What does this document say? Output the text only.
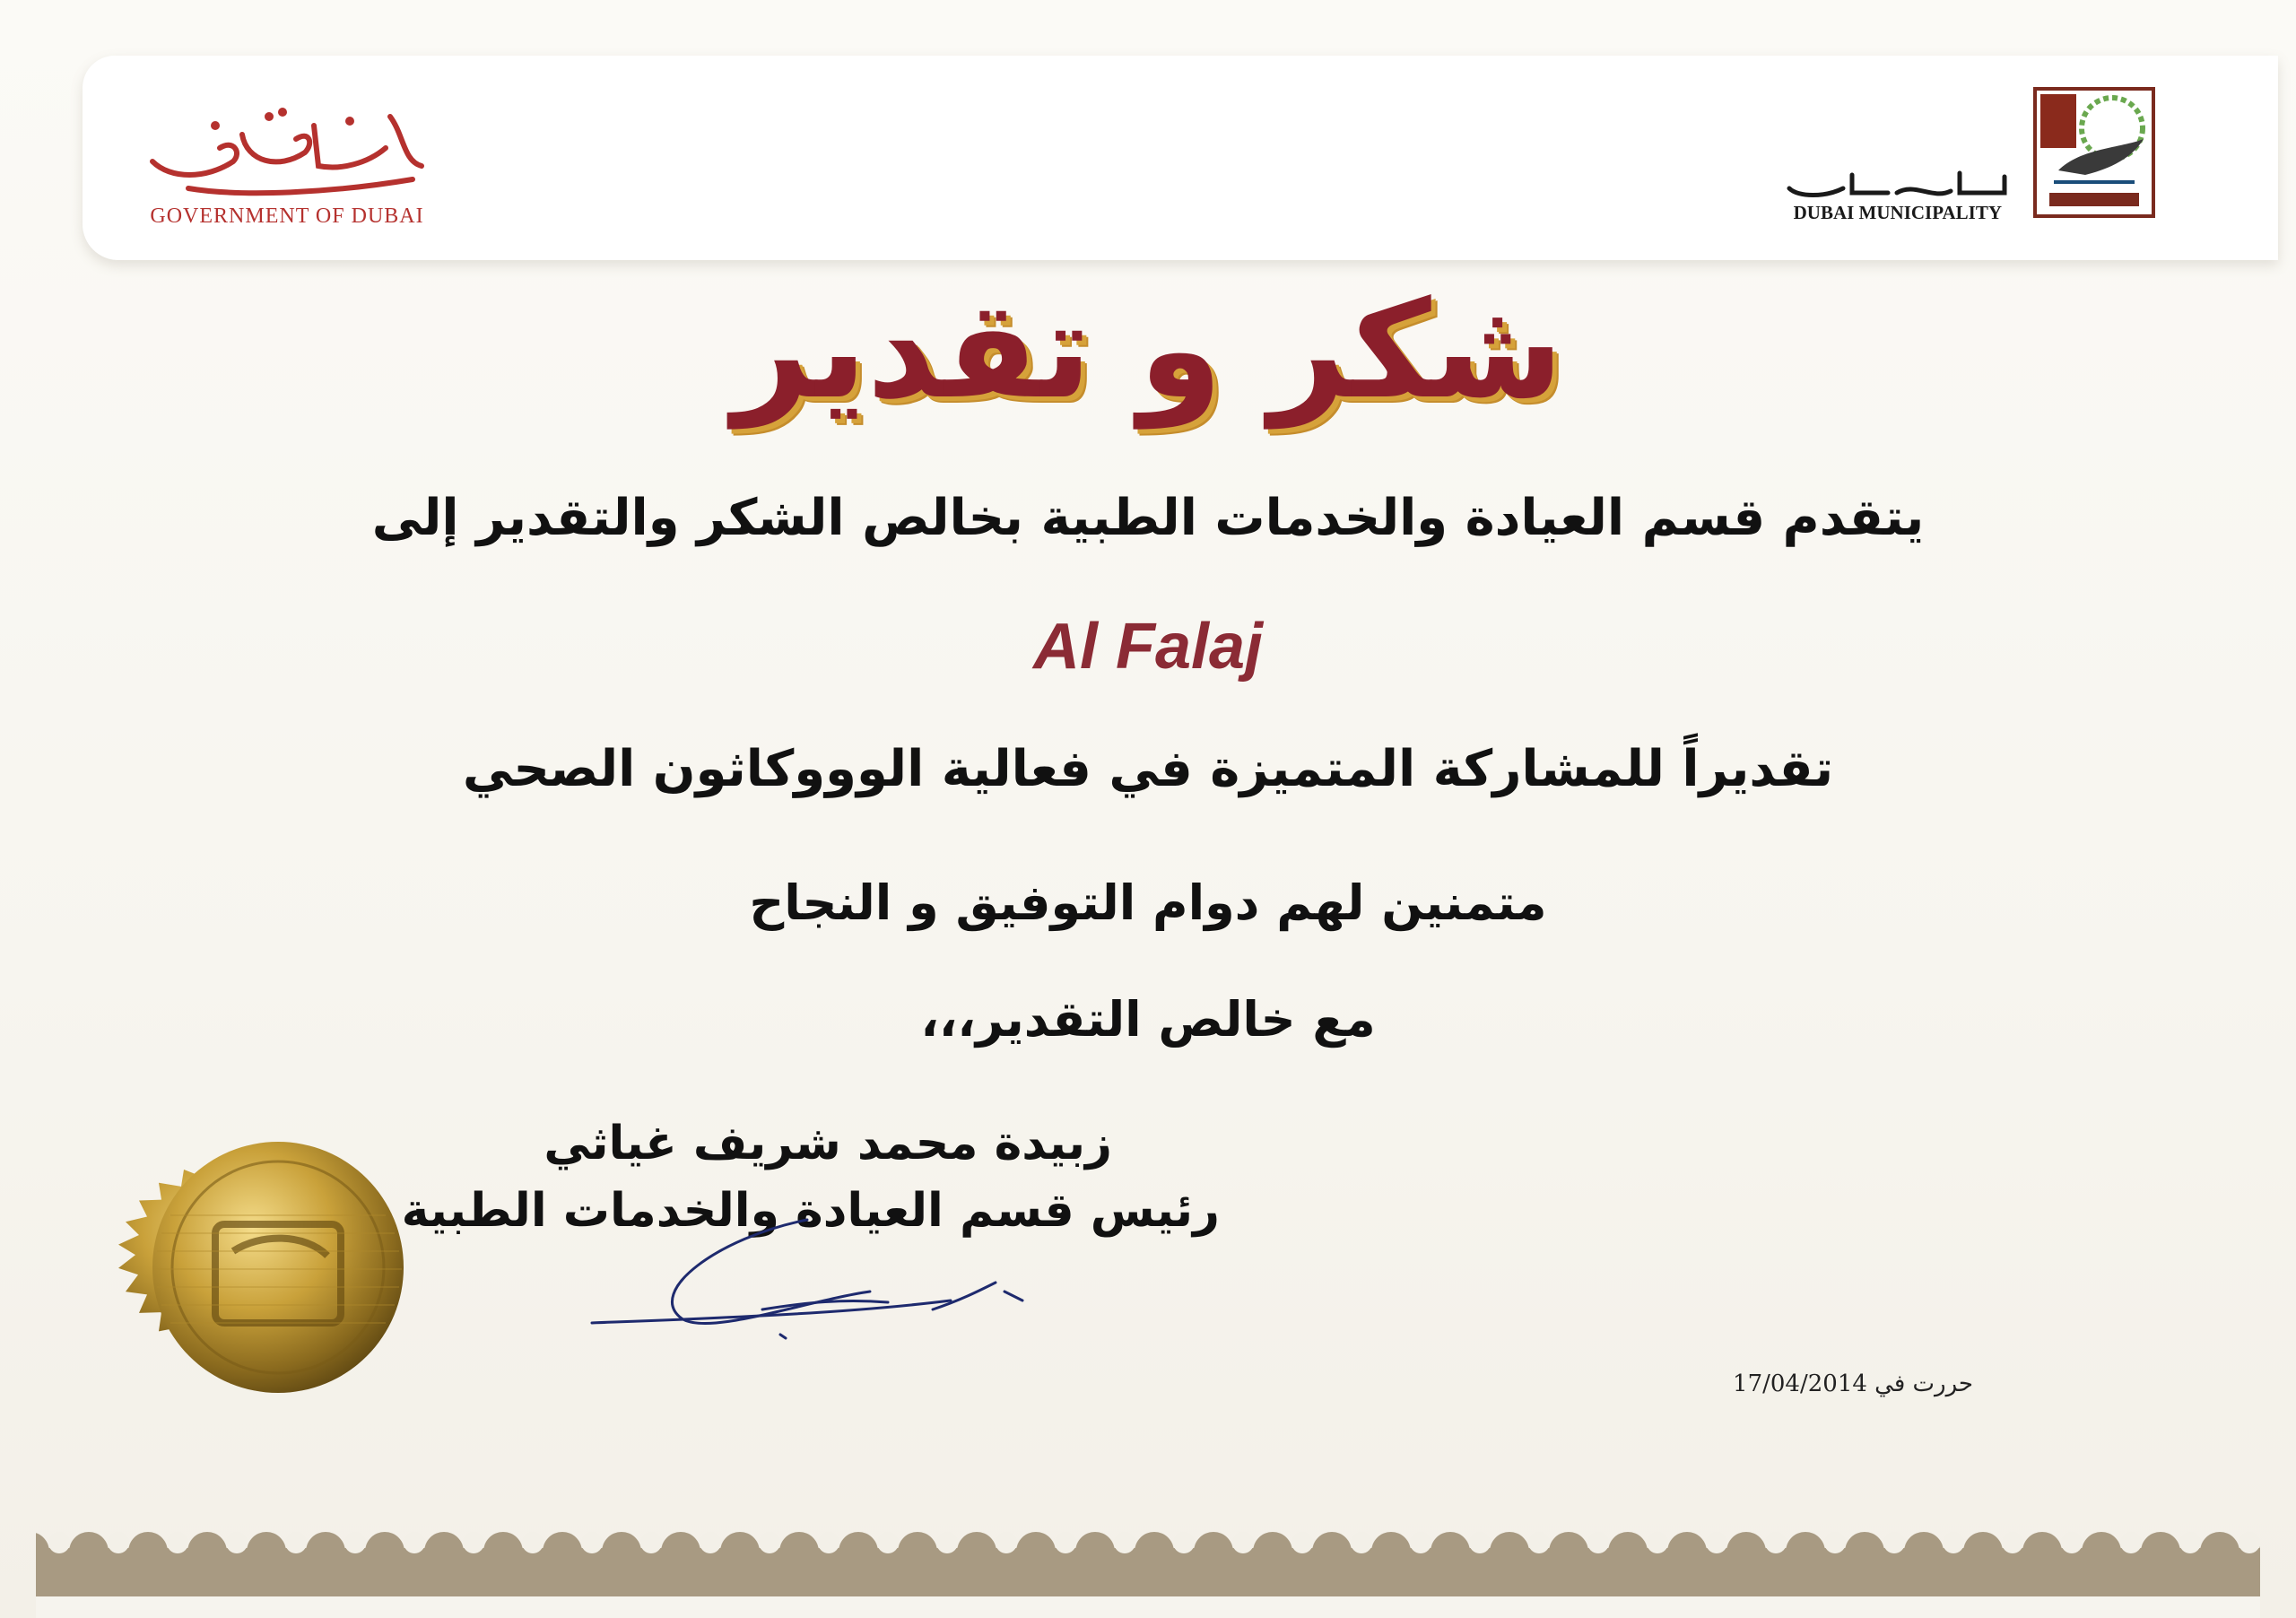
GOVERNMENT OF DUBAI	DUBAI MUNICIPALITY
شكر و تقدير
يتقدم قسم العيادة والخدمات الطبية بخالص الشكر والتقدير إلى
Al Falaj
تقديراً للمشاركة المتميزة في فعالية الوووكاثون الصحي
متمنين لهم دوام التوفيق و النجاح
مع خالص التقدير،،،
زبيدة محمد شريف غياثي
رئيس قسم العيادة والخدمات الطبية
حررت في 17/04/2014
